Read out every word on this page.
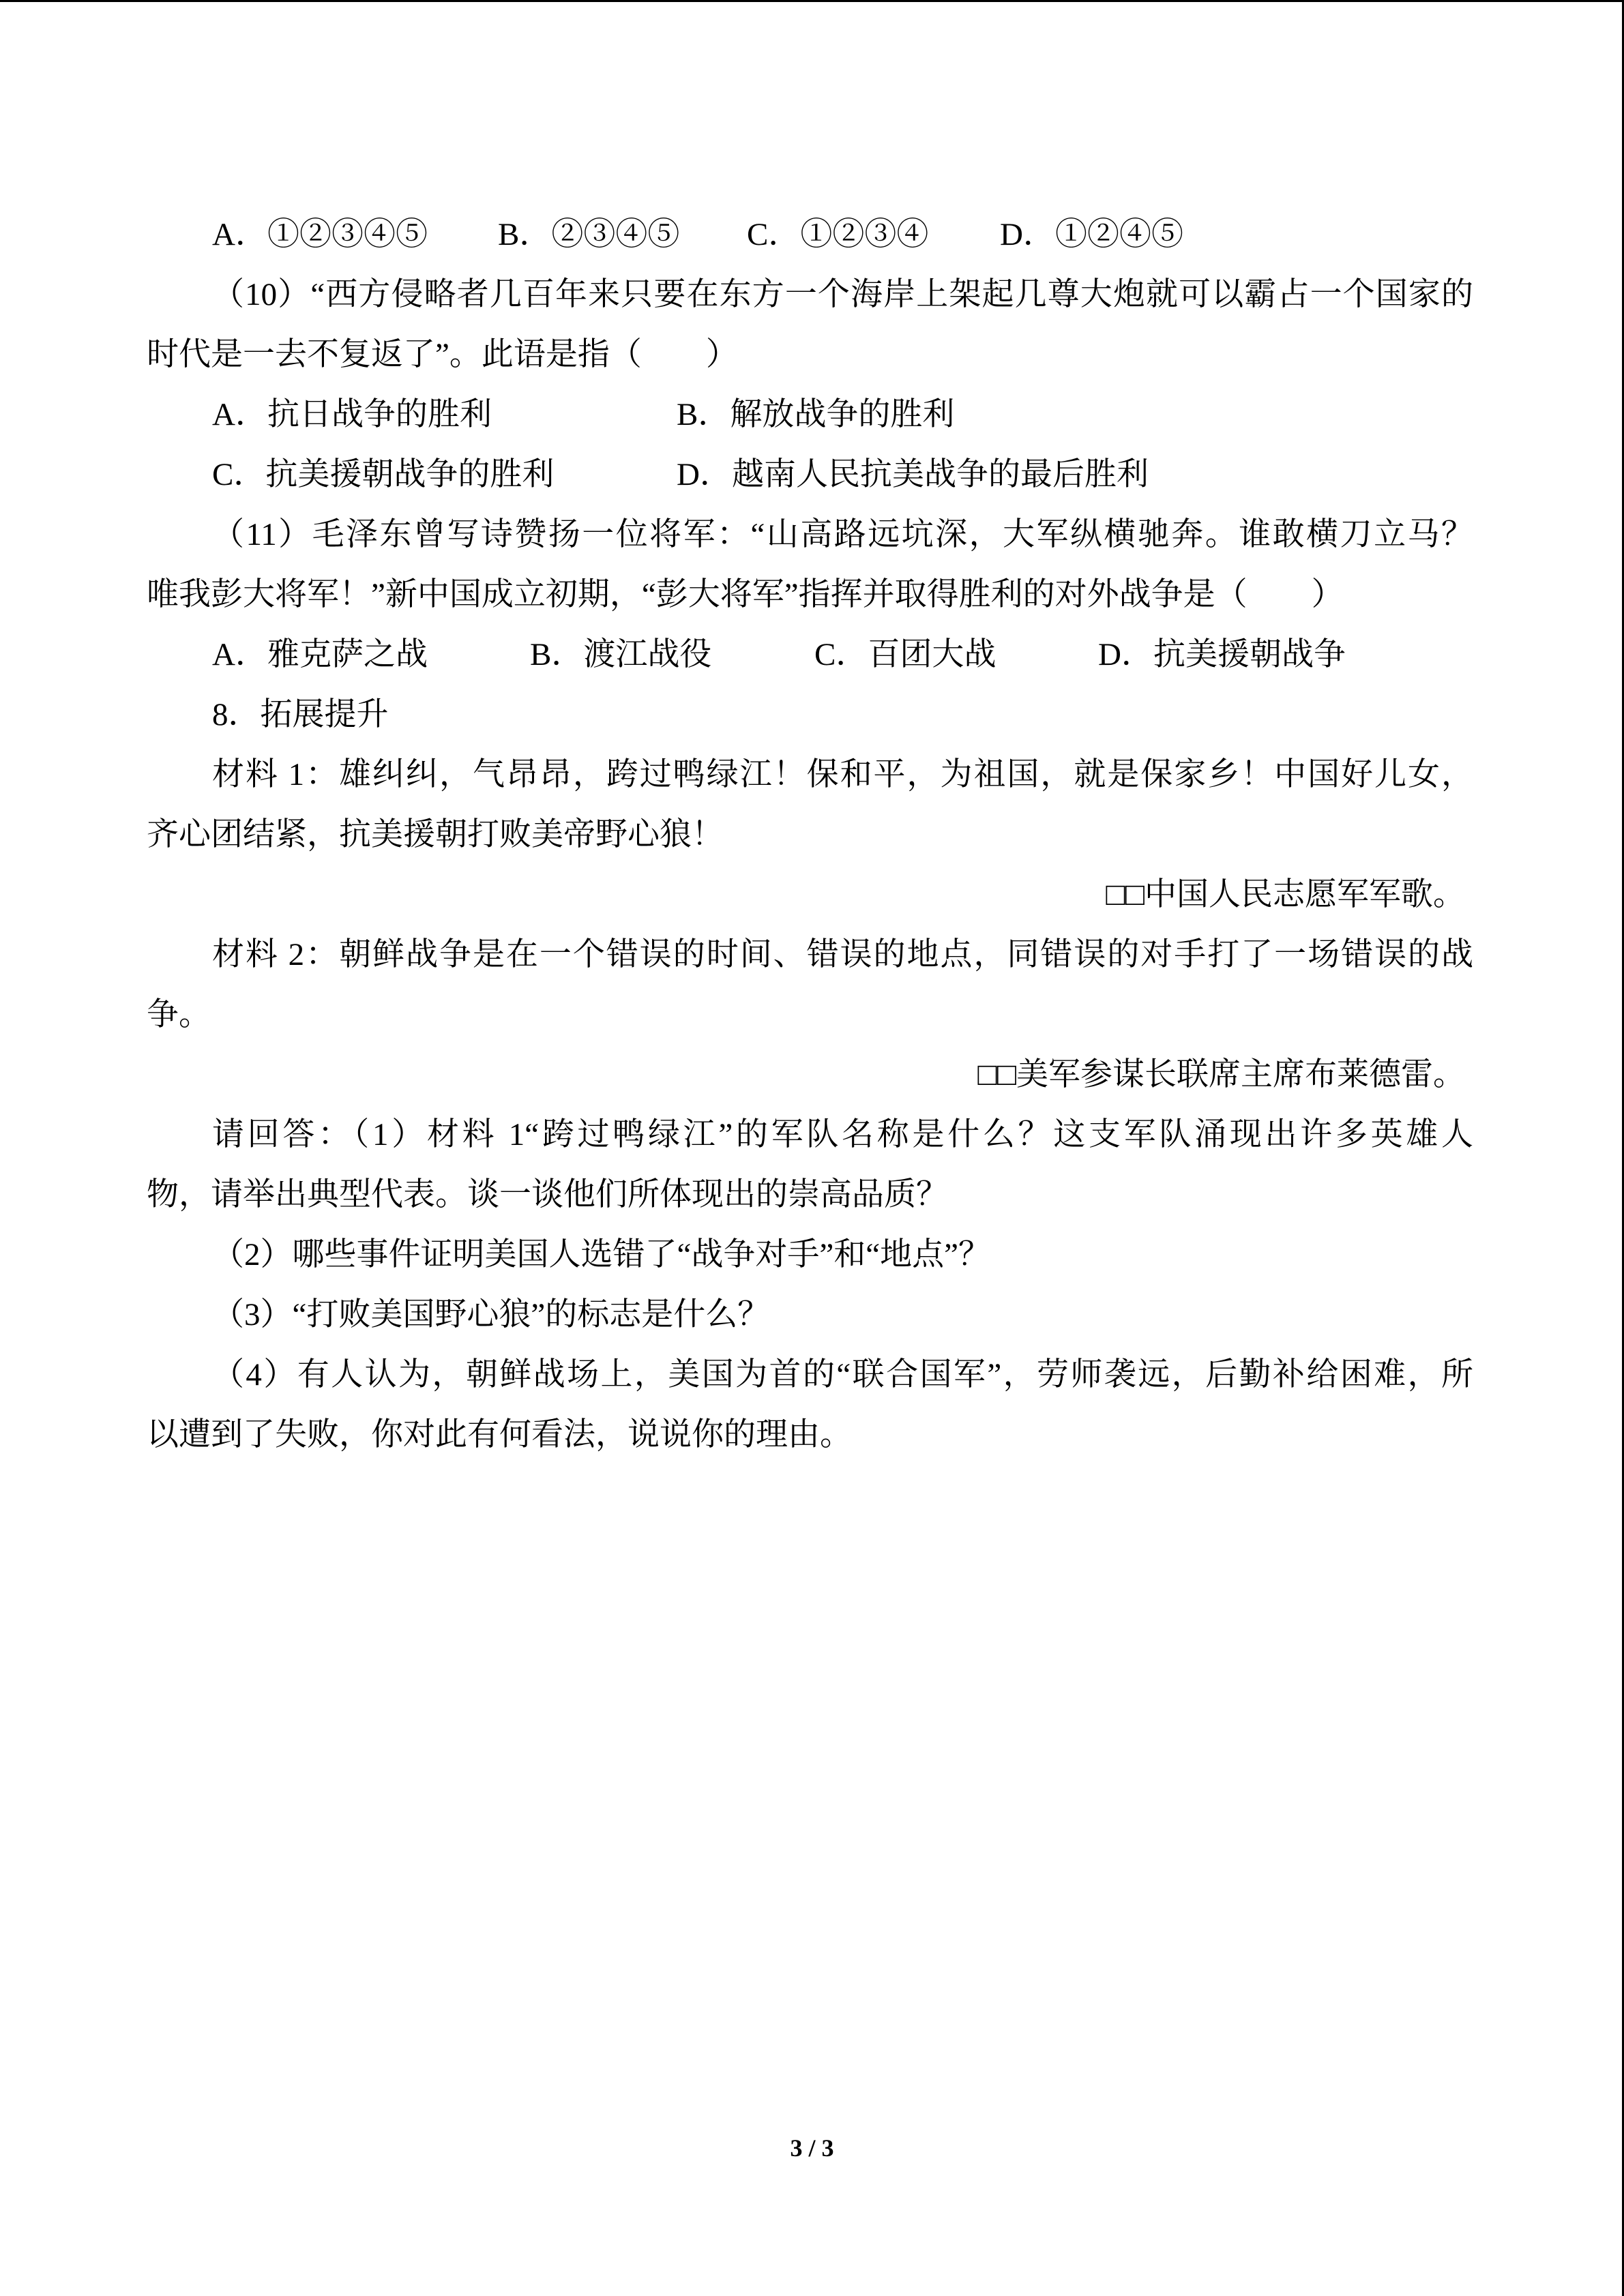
A．①②③④⑤ B．②③④⑤ C．①②③④ D．①②④⑤
（10）“西方侵略者几百年来只要在东方一个海岸上架起几尊大炮就可以霸占一个国家的
时代是一去不复返了”。此语是指（　　）
A．抗日战争的胜利	B．解放战争的胜利
C．抗美援朝战争的胜利	D．越南人民抗美战争的最后胜利
（11）毛泽东曾写诗赞扬一位将军：“山高路远坑深，大军纵横驰奔。谁敢横刀立马？
唯我彭大将军！”新中国成立初期，“彭大将军”指挥并取得胜利的对外战争是（　　）
A．雅克萨之战	B．渡江战役	C．百团大战	D．抗美援朝战争
8．拓展提升
材料 1：雄纠纠，气昂昂，跨过鸭绿江！保和平，为祖国，就是保家乡！中国好儿女，
齐心团结紧，抗美援朝打败美帝野心狼！
□□中国人民志愿军军歌。
材料 2：朝鲜战争是在一个错误的时间、错误的地点，同错误的对手打了一场错误的战
争。
□□美军参谋长联席主席布莱德雷。
请回答：（1）材料 1“跨过鸭绿江”的军队名称是什么？这支军队涌现出许多英雄人
物，请举出典型代表。谈一谈他们所体现出的崇高品质？
（2）哪些事件证明美国人选错了“战争对手”和“地点”？
（3）“打败美国野心狼”的标志是什么？
（4）有人认为，朝鲜战场上，美国为首的“联合国军”，劳师袭远，后勤补给困难，所
以遭到了失败，你对此有何看法，说说你的理由。
3 / 3
